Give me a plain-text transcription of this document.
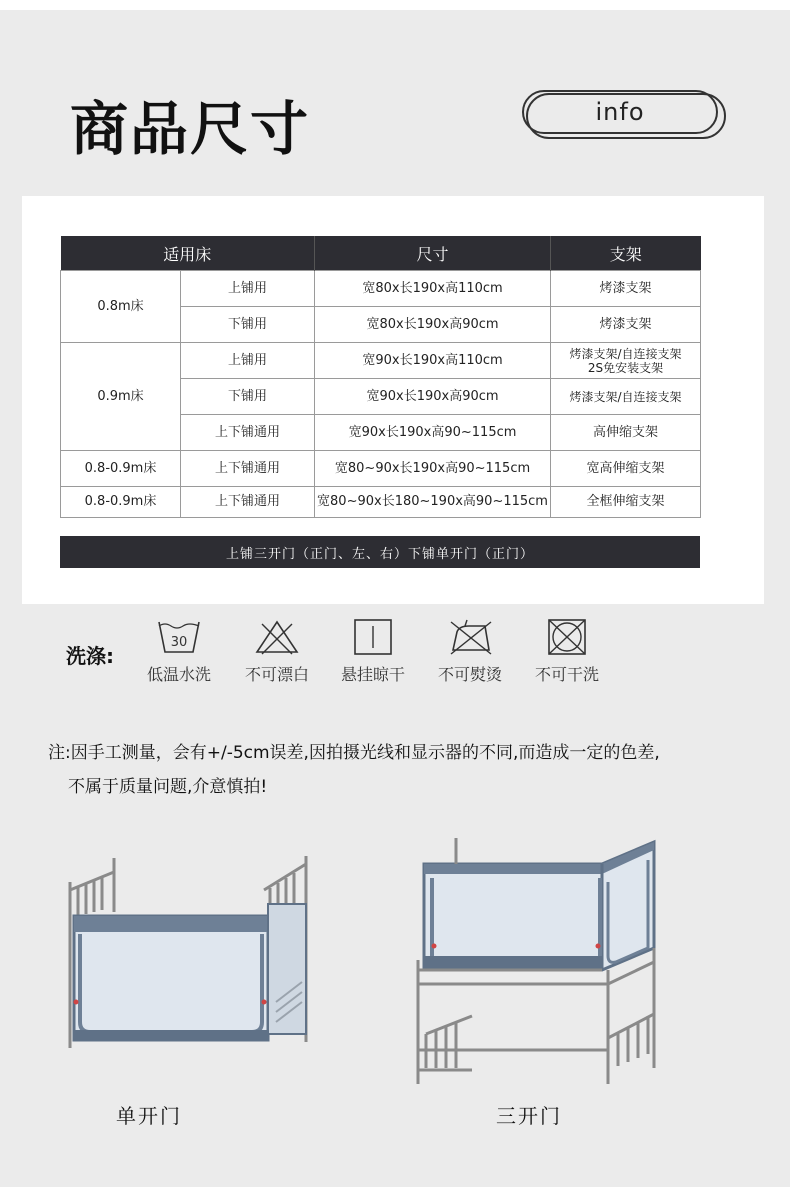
商品尺寸	info
适用床		尺寸	支架
0.8m床	上铺用	宽80x长190x高110cm	烤漆支架
	下铺用	宽80x长190x高90cm	烤漆支架
0.9m床	上铺用	宽90x长190x高110cm	烤漆支架/自连接支架
2S免安装支架

	下铺用	宽90x长190x高90cm	烤漆支架/自连接支架
	上下铺通用	宽90x长190x高90~115cm	高伸缩支架
0.8-0.9m床	上下铺通用	宽80~90x长190x高90~115cm	宽高伸缩支架
0.8-0.9m床	上下铺通用	宽80~90x长180~190x高90~115cm	全框伸缩支架
上铺三开门（正门、左、右）下铺单开门（正门）
洗涤:
30
低温水洗	不可漂白	悬挂晾干	不可熨烫	不可干洗
注:因手工测量，会有+/-5cm误差,因拍摄光线和显示器的不同,而造成一定的色差,
不属于质量问题,介意慎拍!
单开门	三开门
